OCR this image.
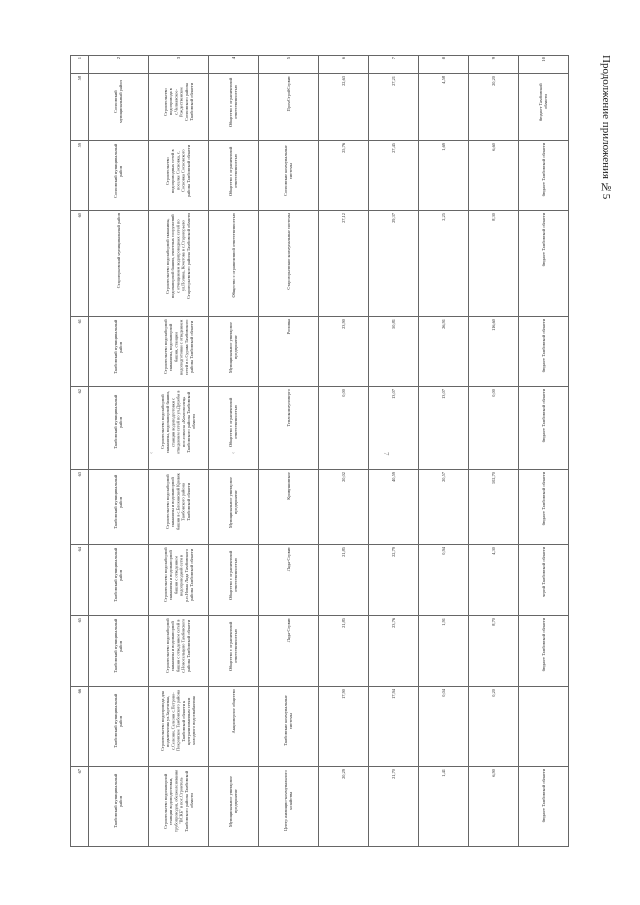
Продолжение приложения №5
7
ˇ	ˇ
1	2	3	4	5	6	7	8	9	10

58	Сосновский муниципальный район	Строительство водопровода в с.Челнавское-Рождественское Сосновского района Тамбовской области	Общество с ограниченной ответственностью	ПромСтройСервис	22,63	27,21	4,58	20,20	бюджет Тамбовской области

59	Сосновский муниципальный район	Строительство водопроводных сетей в поселке Сосновка, с. Сосновка Сосновского района Тамбовской области	Общество с ограниченной ответственностью	Сосновские коммунальные системы	25,76	27,45	1,69	6,60	бюджет Тамбовской области

60	Староюрьевский муниципальный район	Строительство водозаборной скважины, водонапорной башни, очистных сооружений с отчищением водопроводных сетей по ул.Полина, Кочетова в с.Староюрьево Староюрьевского района Тамбовской области	Общество с ограниченной ответственностью	Староюрьевские коммунальные системы	27,12	29,37	2,25	8,30	бюджет Тамбовской области

61	Тамбовский муниципальный район	Строительство водозаборной скважины, водонапорной башни, станции водоподготовки с отведением сетей в с.Сурава Тамбовского района Тамбовской области	Муниципальное унитарное предприятие	Росинка	23,90	50,81	26,91	116,60	бюджет Тамбовской области

62	Тамбовский муниципальный район	Строительство водозаборной скважины, водонапорной башни, станции водоподготовки с отведением сетей по ул.Дружбы в пос.совхоза «Комсомолец» Тамбовского района Тамбовской области	Общество с ограниченной ответственностью	Теплокоммунэнерго	0,00	13,07	13,07	0,00	бюджет Тамбовской области

63	Тамбовский муниципальный район	Строительство водозаборной скважины и водонапорной башни в с.Блохинский Кривяк Тамбовского района Тамбовской области	Муниципальное унитарное предприятие	Кривушинское	20,02	40,59	20,57	102,70	бюджет Тамбовской области

64	Тамбовский муниципальный район	Строительство водозаборной скважины и водонапорной башни с отведением водопроводной сети в р.п.Новая Ляда Тамбовского района Тамбовской области	Общество с ограниченной ответственностью	Ляда-Сервис	21,85	22,79	0,94	4,30	чернй Тамбовской области

65	Тамбовский муниципальный район	Строительство водозаборной скважины и водонапорной башни с отведением сетей в с.Новосельцево Тамбовского района Тамбовской области	Общество с ограниченной ответственностью	Ляда-Сервис	21,85	23,76	1,91	8,70	бюджет Тамбовской области

66	Тамбовский муниципальный район	Строительство водопровода для подключения ул.Зареченая, с.Селезни, Селезни с.Петрово-Покровское Тамбовского района Тамбовской области к централизованным сетям холодного водоснабжения	Акционерное общество	Тамбовские коммунальные системы	17,90	17,94	0,04	0,20	

67	Тамбовский муниципальный район	Строительство водонапорной станции водоподготовки, трубопроводов, обезжелезивания "ВСКБ" в пос.Строитель Тамбовского района Тамбовской области	Муниципальное унитарное предприятие	Центр жилищно-коммунального хозяйства	20,29	21,70	1,41	6,90	бюджет Тамбовской области
